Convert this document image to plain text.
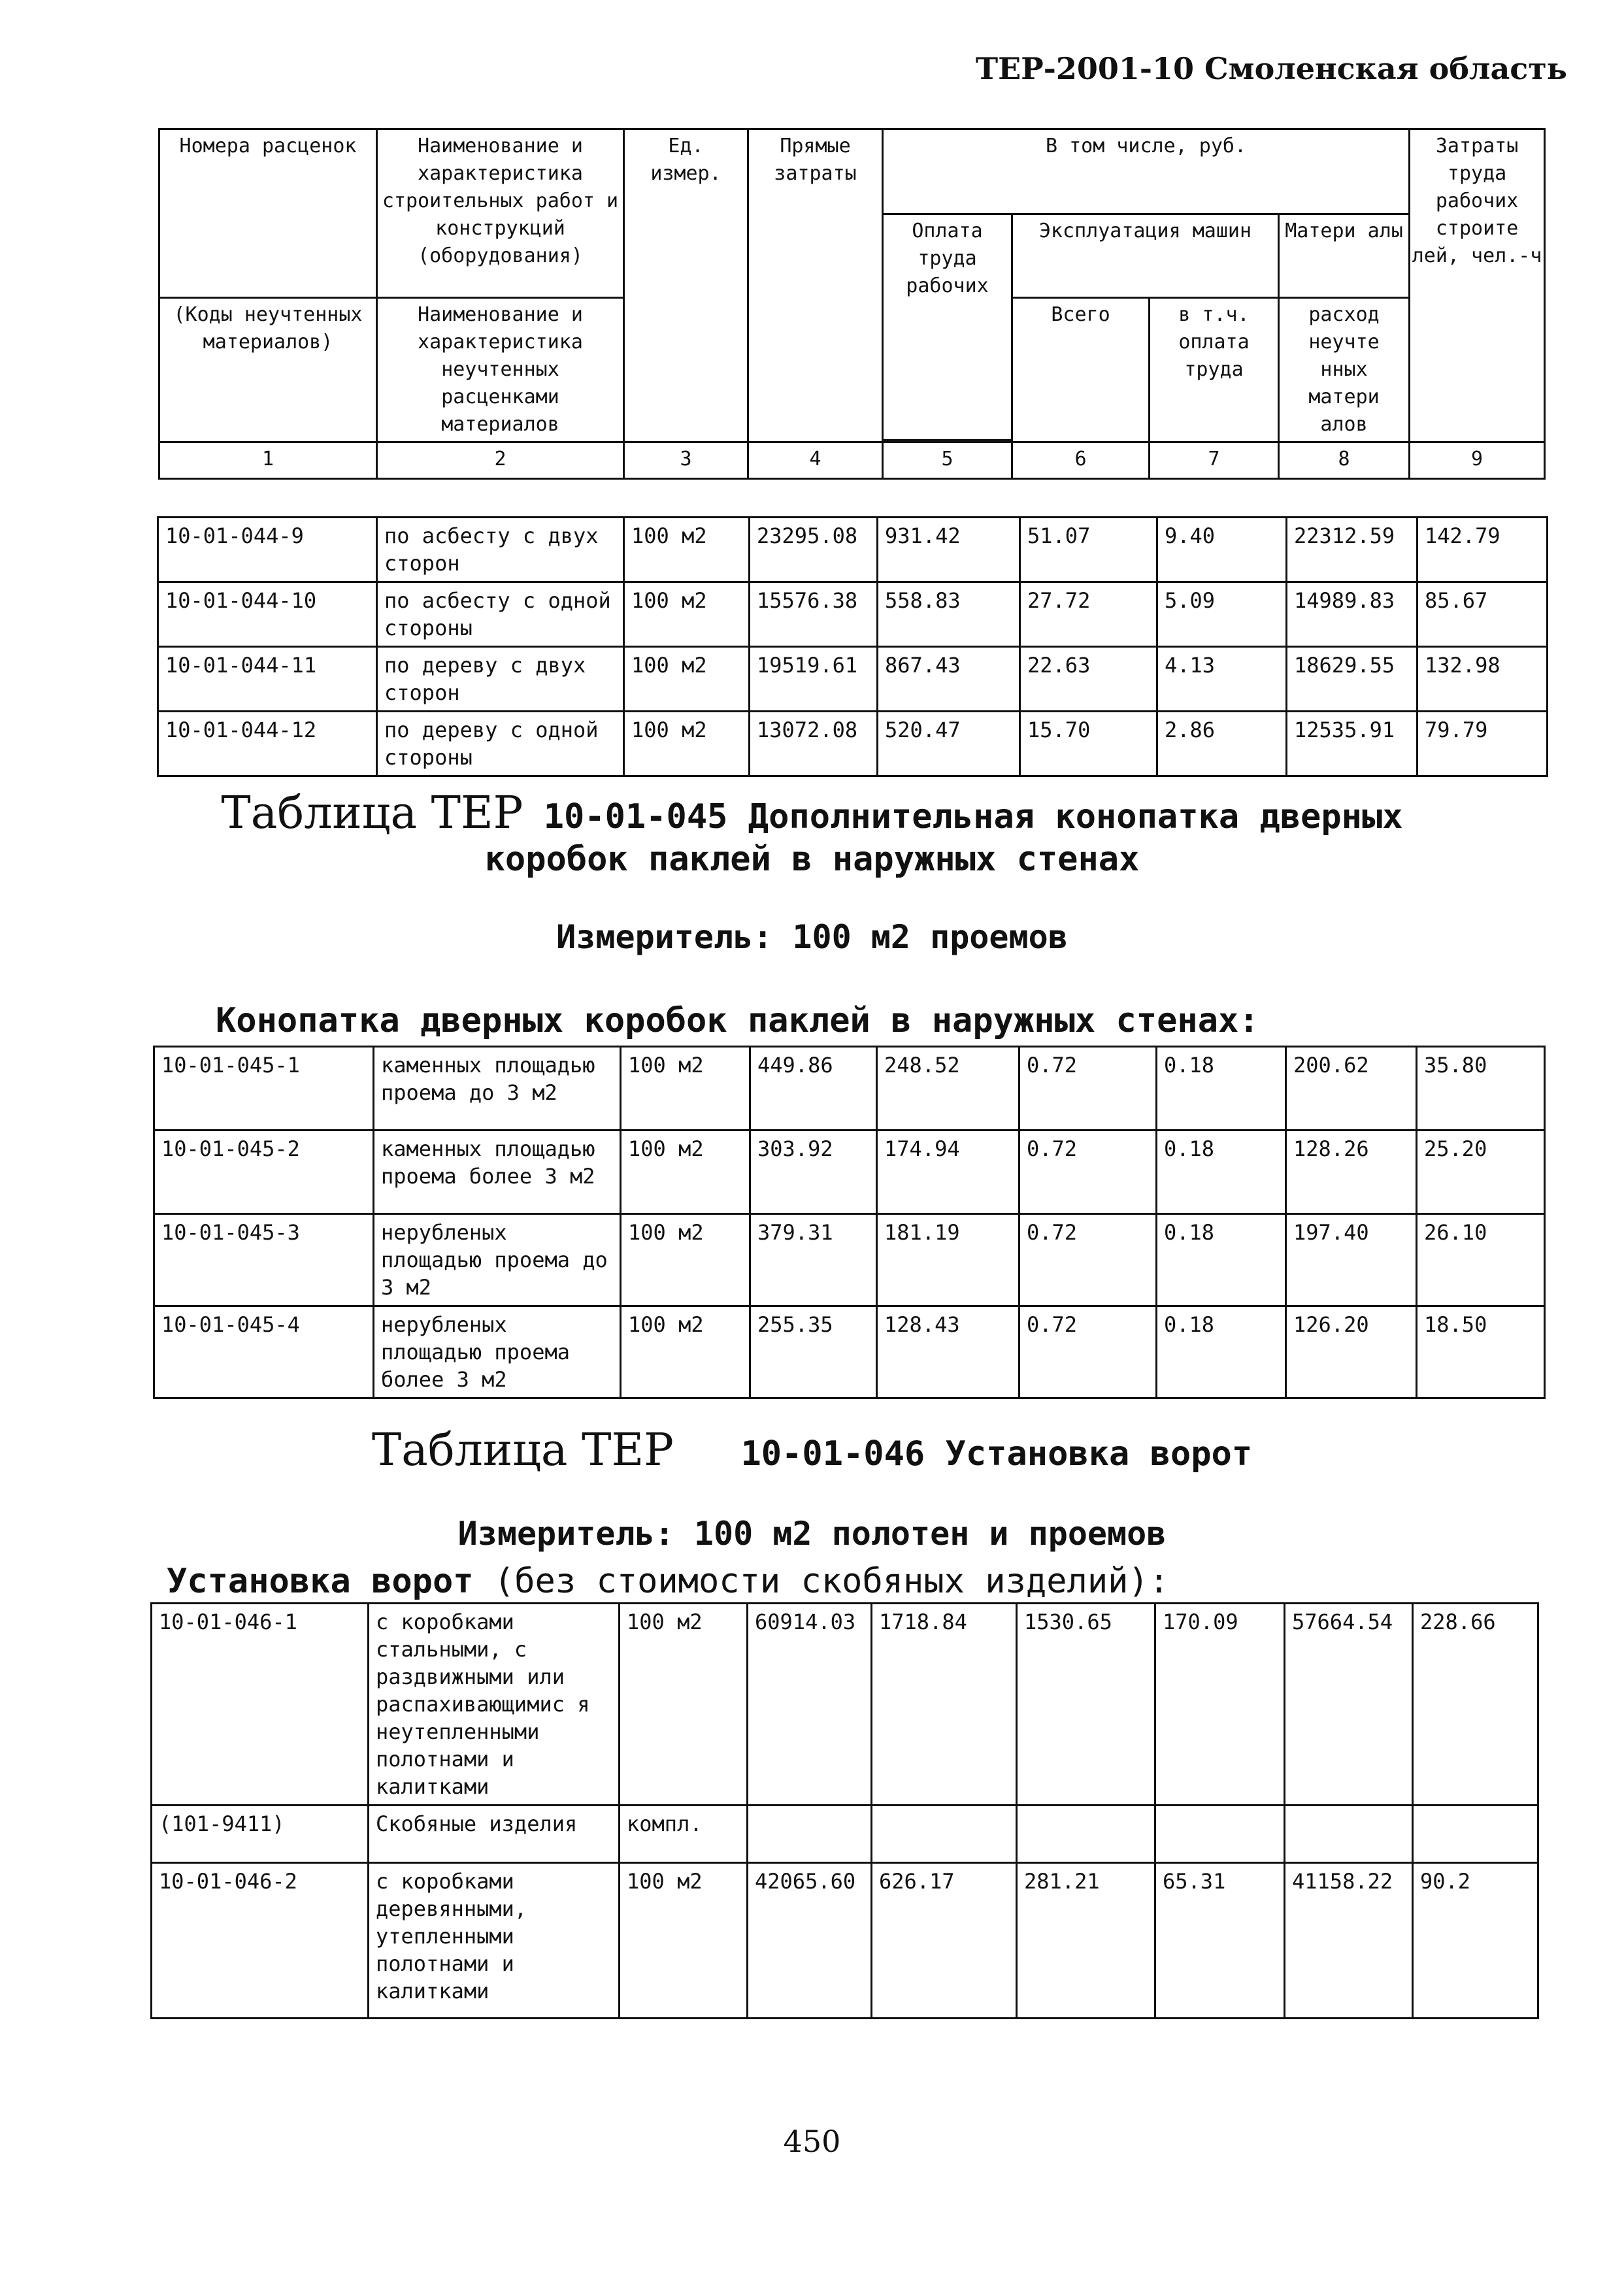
ТЕР-2001-10 Смоленская область
Номера расценок	Наименование и характеристика строительных работ и конструкций (оборудования)	Ед. измер.	Прямые затраты	В том числе, руб.				Затраты труда рабочих строите лей, чел.-ч
				Оплата труда рабочих	Эксплуатация машин		Матери алы	
(Коды неучтенных материалов)	Наименование и характеристика неучтенных расценками материалов				Всего	в т.ч. оплата труда	расход неучте нных матери алов	

1	2	3	4	5	6	7	8	9
10-01-044-9	по асбесту с двух сторон	100 м2	23295.08	931.42	51.07	9.40	22312.59	142.79
10-01-044-10	по асбесту с одной стороны	100 м2	15576.38	558.83	27.72	5.09	14989.83	85.67
10-01-044-11	по дереву с двух сторон	100 м2	19519.61	867.43	22.63	4.13	18629.55	132.98
10-01-044-12	по дереву с одной стороны	100 м2	13072.08	520.47	15.70	2.86	12535.91	79.79
Таблица ТЕР 10-01-045 Дополнительная конопатка дверных
коробок паклей в наружных стенах
Измеритель: 100 м2 проемов
Конопатка дверных коробок паклей в наружных стенах:
10-01-045-1	каменных площадью проема до 3 м2	100 м2	449.86	248.52	0.72	0.18	200.62	35.80
10-01-045-2	каменных площадью проема более 3 м2	100 м2	303.92	174.94	0.72	0.18	128.26	25.20
10-01-045-3	нерубленых площадью проема до 3 м2	100 м2	379.31	181.19	0.72	0.18	197.40	26.10
10-01-045-4	нерубленых площадью проема более 3 м2	100 м2	255.35	128.43	0.72	0.18	126.20	18.50
Таблица ТЕР 10-01-046 Установка ворот
Измеритель: 100 м2 полотен и проемов
Установка ворот (без стоимости скобяных изделий):
10-01-046-1	с коробками стальными, с раздвижными или распахивающимис я неутепленными полотнами и калитками	100 м2	60914.03	1718.84	1530.65	170.09	57664.54	228.66
(101-9411)	Скобяные изделия	компл.						
10-01-046-2	с коробками деревянными, утепленными полотнами и калитками	100 м2	42065.60	626.17	281.21	65.31	41158.22	90.2
450
